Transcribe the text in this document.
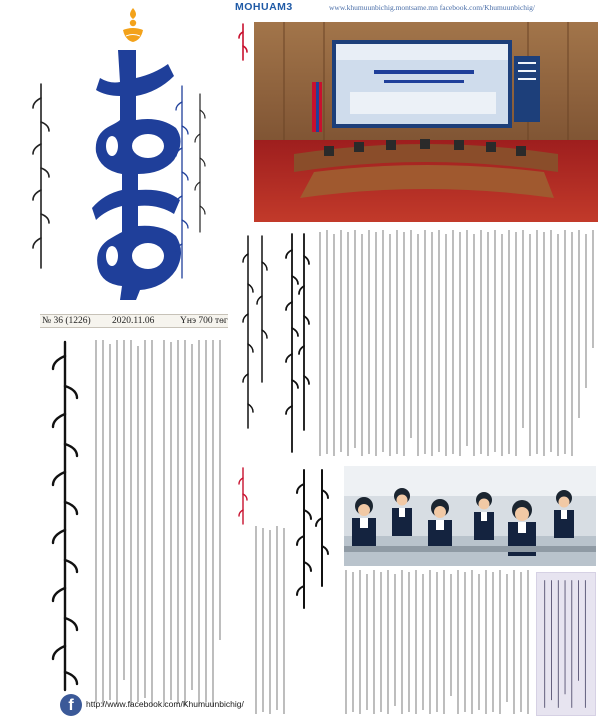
№ 36 (1226) 2020.11.06	Үнэ 700 төг
f	http://www.facebook.com/Khumuunbichig/
MOHUAM3	www.khumuunbichig.montsame.mn facebook.com/Khumuunbichig/
